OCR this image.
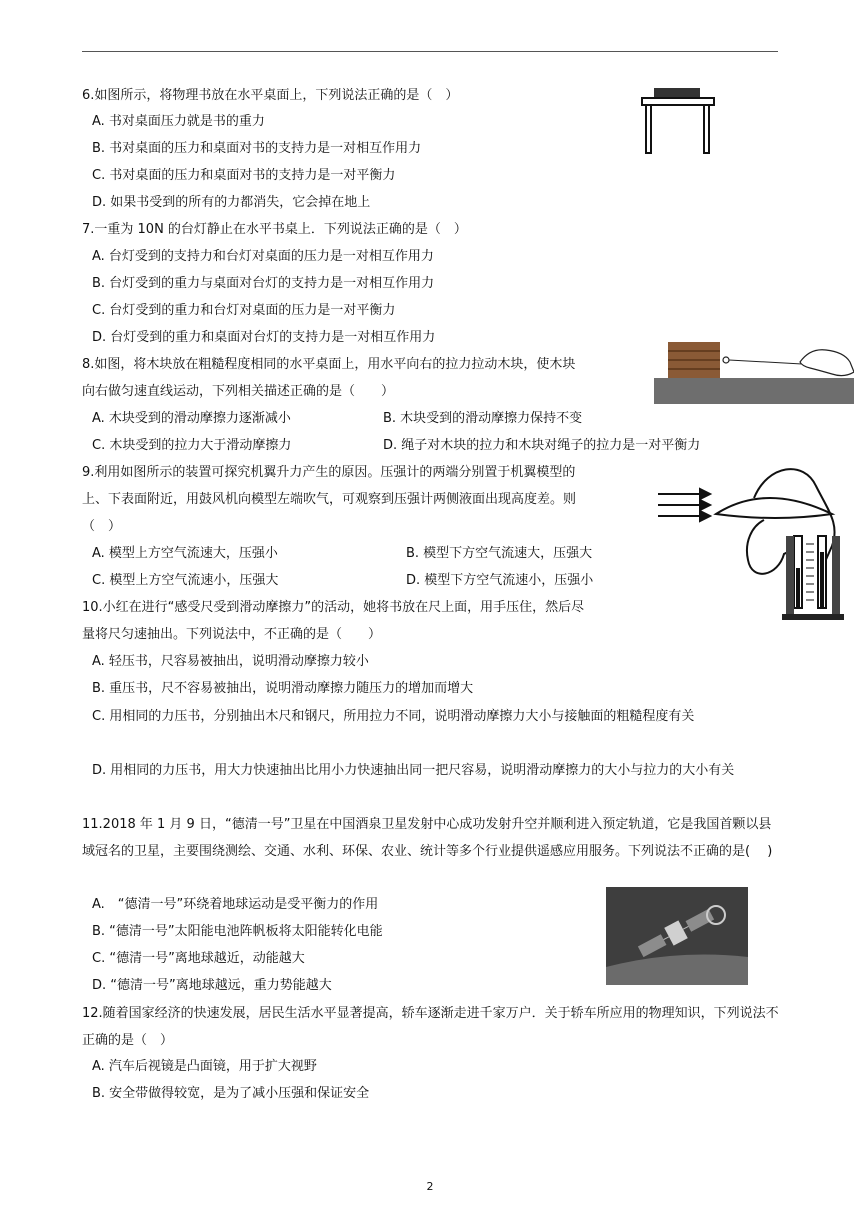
6.如图所示，将物理书放在水平桌面上，下列说法正确的是（　）
A. 书对桌面压力就是书的重力
B. 书对桌面的压力和桌面对书的支持力是一对相互作用力
C. 书对桌面的压力和桌面对书的支持力是一对平衡力
D. 如果书受到的所有的力都消失，它会掉在地上
7.一重为 10N 的台灯静止在水平书桌上．下列说法正确的是（　）
A. 台灯受到的支持力和台灯对桌面的压力是一对相互作用力
B. 台灯受到的重力与桌面对台灯的支持力是一对相互作用力
C. 台灯受到的重力和台灯对桌面的压力是一对平衡力
D. 台灯受到的重力和桌面对台灯的支持力是一对相互作用力
8.如图，将木块放在粗糙程度相同的水平桌面上，用水平向右的拉力拉动木块，使木块
向右做匀速直线运动，下列相关描述正确的是（　　）
A. 木块受到的滑动摩擦力逐渐减小	B. 木块受到的滑动摩擦力保持不变
C. 木块受到的拉力大于滑动摩擦力	D. 绳子对木块的拉力和木块对绳子的拉力是一对平衡力
9.利用如图所示的装置可探究机翼升力产生的原因。压强计的两端分别置于机翼模型的
上、下表面附近，用鼓风机向模型左端吹气，可观察到压强计两侧液面出现高度差。则
（　）
A. 模型上方空气流速大，压强小	B. 模型下方空气流速大，压强大
C. 模型上方空气流速小，压强大	D. 模型下方空气流速小，压强小
10.小红在进行“感受尺受到滑动摩擦力”的活动，她将书放在尺上面，用手压住，然后尽
量将尺匀速抽出。下列说法中，不正确的是（　　）
A. 轻压书，尺容易被抽出，说明滑动摩擦力较小
B. 重压书，尺不容易被抽出，说明滑动摩擦力随压力的增加而增大
C. 用相同的力压书，分别抽出木尺和钢尺，所用拉力不同，说明滑动摩擦力大小与接触面的粗糙程度有关
D. 用相同的力压书，用大力快速抽出比用小力快速抽出同一把尺容易，说明滑动摩擦力的大小与拉力的大小有关
11.2018 年 1 月 9 日，“德清一号”卫星在中国酒泉卫星发射中心成功发射升空并顺利进入预定轨道，它是我国首颗以县域冠名的卫星，主要围绕测绘、交通、水利、环保、农业、统计等多个行业提供遥感应用服务。下列说法不正确的是(　 )
A.　“德清一号”环绕着地球运动是受平衡力的作用
B. “德清一号”太阳能电池阵帆板将太阳能转化电能
C. “德清一号”离地球越近，动能越大
D. “德清一号”离地球越远，重力势能越大
12.随着国家经济的快速发展，居民生活水平显著提高，轿车逐渐走进千家万户．关于轿车所应用的物理知识，下列说法不正确的是（　）
A. 汽车后视镜是凸面镜，用于扩大视野
B. 安全带做得较宽，是为了减小压强和保证安全
2
